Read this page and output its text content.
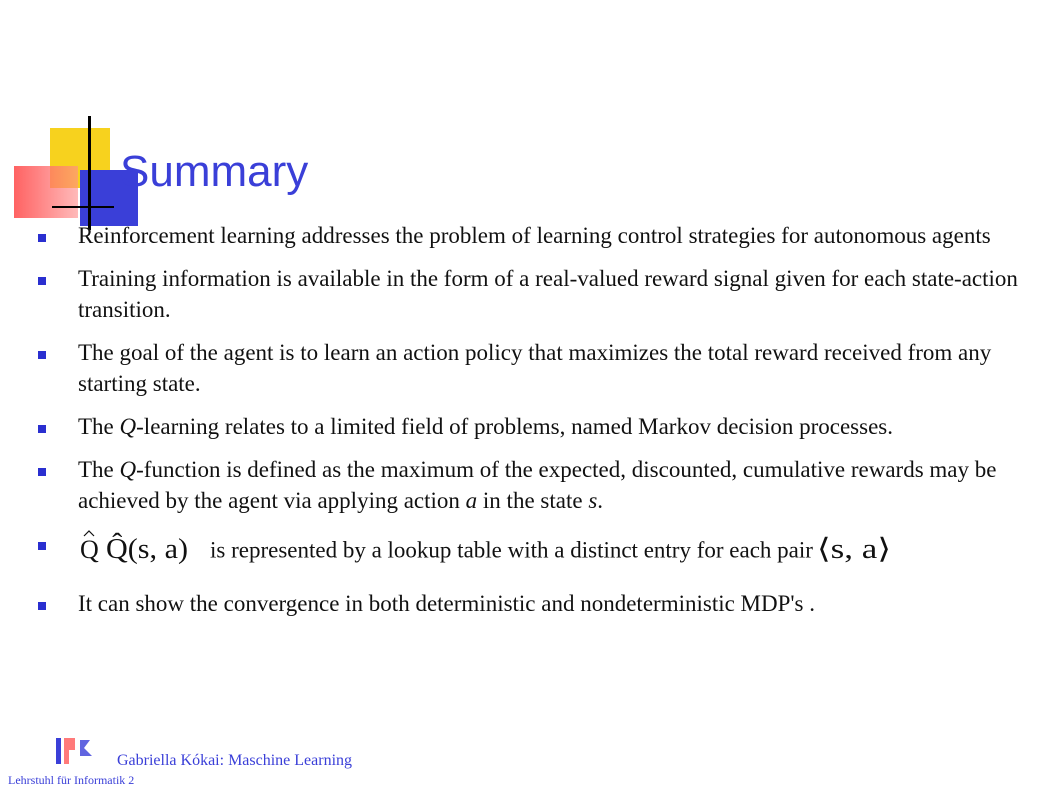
Summary
Reinforcement learning addresses the problem of learning control strategies for autonomous agents
Training information is available in the form of a real-valued reward signal given for each state-action transition.
The goal of the agent is to learn an action policy that maximizes the total reward received from any starting state.
The Q-learning relates to a limited field of problems, named Markov decision processes.
The Q-function is defined as the maximum of the expected, discounted, cumulative rewards may be achieved by the agent via applying action a in the state s.
Q Q̂(s, a) is represented by a lookup table with a distinct entry for each pair ⟨s, a⟩
It can show the convergence in both deterministic and nondeterministic MDP's .
Gabriella Kókai: Maschine Learning
Lehrstuhl für Informatik 2
